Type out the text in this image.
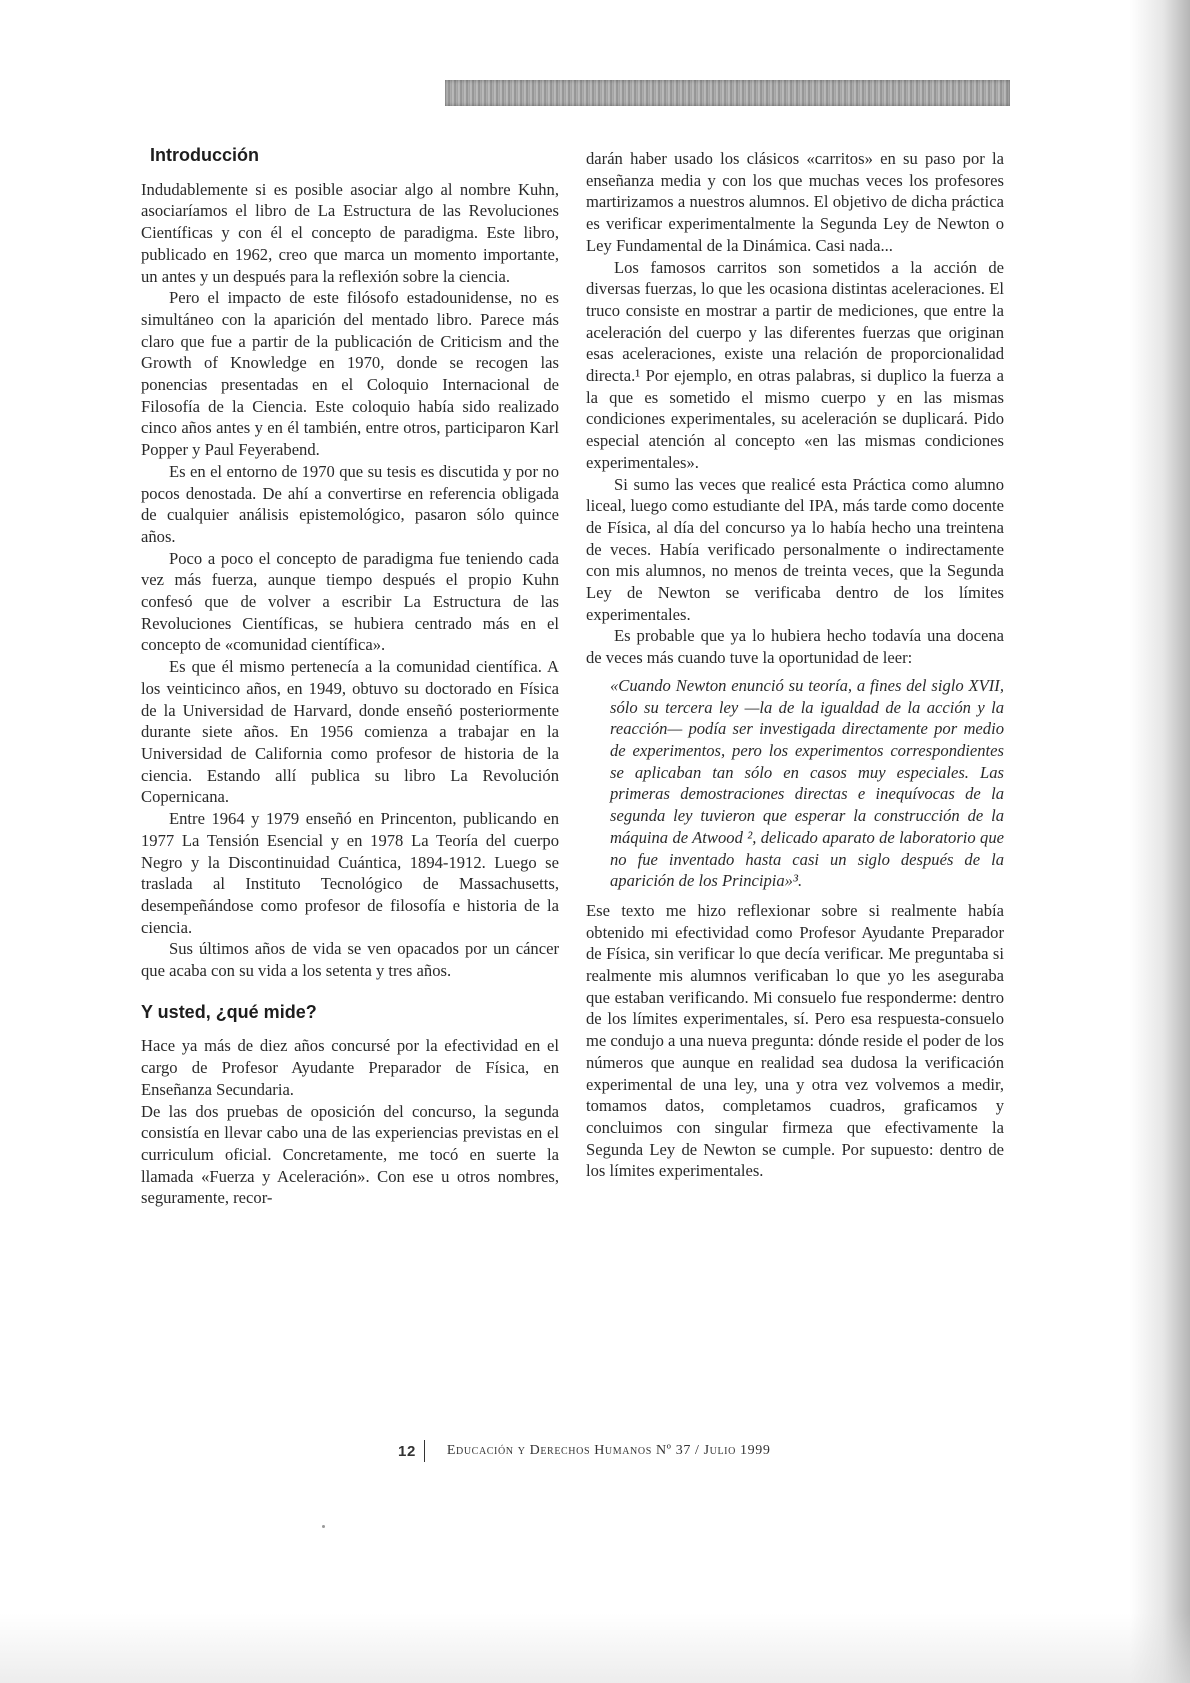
Introducción

Indudablemente si es posible asociar algo al nombre Kuhn, asociaríamos el libro de La Estructura de las Revoluciones Científicas y con él el concepto de paradigma. Este libro, publicado en 1962, creo que marca un momento importante, un antes y un después para la reflexión sobre la ciencia.

Pero el impacto de este filósofo estadounidense, no es simultáneo con la aparición del mentado libro. Parece más claro que fue a partir de la publicación de Criticism and the Growth of Knowledge en 1970, donde se recogen las ponencias presentadas en el Coloquio Internacional de Filosofía de la Ciencia. Este coloquio había sido realizado cinco años antes y en él también, entre otros, participaron Karl Popper y Paul Feyerabend.

Es en el entorno de 1970 que su tesis es discutida y por no pocos denostada. De ahí a convertirse en referencia obligada de cualquier análisis epistemológico, pasaron sólo quince años.

Poco a poco el concepto de paradigma fue teniendo cada vez más fuerza, aunque tiempo después el propio Kuhn confesó que de volver a escribir La Estructura de las Revoluciones Científicas, se hubiera centrado más en el concepto de «comunidad científica».

Es que él mismo pertenecía a la comunidad científica. A los veinticinco años, en 1949, obtuvo su doctorado en Física de la Universidad de Harvard, donde enseñó posteriormente durante siete años. En 1956 comienza a trabajar en la Universidad de California como profesor de historia de la ciencia. Estando allí publica su libro La Revolución Copernicana.

Entre 1964 y 1979 enseñó en Princenton, publicando en 1977 La Tensión Esencial y en 1978 La Teoría del cuerpo Negro y la Discontinuidad Cuántica, 1894-1912. Luego se traslada al Instituto Tecnológico de Massachusetts, desempeñándose como profesor de filosofía e historia de la ciencia.

Sus últimos años de vida se ven opacados por un cáncer que acaba con su vida a los setenta y tres años.

Y usted, ¿qué mide?

Hace ya más de diez años concursé por la efectividad en el cargo de Profesor Ayudante Preparador de Física, en Enseñanza Secundaria.

De las dos pruebas de oposición del concurso, la segunda consistía en llevar cabo una de las experiencias previstas en el curriculum oficial. Concretamente, me tocó en suerte la llamada «Fuerza y Aceleración». Con ese u otros nombres, seguramente, recor-

darán haber usado los clásicos «carritos» en su paso por la enseñanza media y con los que muchas veces los profesores martirizamos a nuestros alumnos. El objetivo de dicha práctica es verificar experimentalmente la Segunda Ley de Newton o Ley Fundamental de la Dinámica. Casi nada...

Los famosos carritos son sometidos a la acción de diversas fuerzas, lo que les ocasiona distintas aceleraciones. El truco consiste en mostrar a partir de mediciones, que entre la aceleración del cuerpo y las diferentes fuerzas que originan esas aceleraciones, existe una relación de proporcionalidad directa.¹ Por ejemplo, en otras palabras, si duplico la fuerza a la que es sometido el mismo cuerpo y en las mismas condiciones experimentales, su aceleración se duplicará. Pido especial atención al concepto «en las mismas condiciones experimentales».

Si sumo las veces que realicé esta Práctica como alumno liceal, luego como estudiante del IPA, más tarde como docente de Física, al día del concurso ya lo había hecho una treintena de veces. Había verificado personalmente o indirectamente con mis alumnos, no menos de treinta veces, que la Segunda Ley de Newton se verificaba dentro de los límites experimentales.

Es probable que ya lo hubiera hecho todavía una docena de veces más cuando tuve la oportunidad de leer:

«Cuando Newton enunció su teoría, a fines del siglo XVII, sólo su tercera ley —la de la igualdad de la acción y la reacción— podía ser investigada directamente por medio de experimentos, pero los experimentos correspondientes se aplicaban tan sólo en casos muy especiales. Las primeras demostraciones directas e inequívocas de la segunda ley tuvieron que esperar la construcción de la máquina de Atwood ², delicado aparato de laboratorio que no fue inventado hasta casi un siglo después de la aparición de los Principia»³.

Ese texto me hizo reflexionar sobre si realmente había obtenido mi efectividad como Profesor Ayudante Preparador de Física, sin verificar lo que decía verificar. Me preguntaba si realmente mis alumnos verificaban lo que yo les aseguraba que estaban verificando. Mi consuelo fue responderme: dentro de los límites experimentales, sí. Pero esa respuesta-consuelo me condujo a una nueva pregunta: dónde reside el poder de los números que aunque en realidad sea dudosa la verificación experimental de una ley, una y otra vez volvemos a medir, tomamos datos, completamos cuadros, graficamos y concluimos con singular firmeza que efectivamente la Segunda Ley de Newton se cumple. Por supuesto: dentro de los límites experimentales.

12 Educación y Derechos Humanos Nº 37 / Julio 1999
